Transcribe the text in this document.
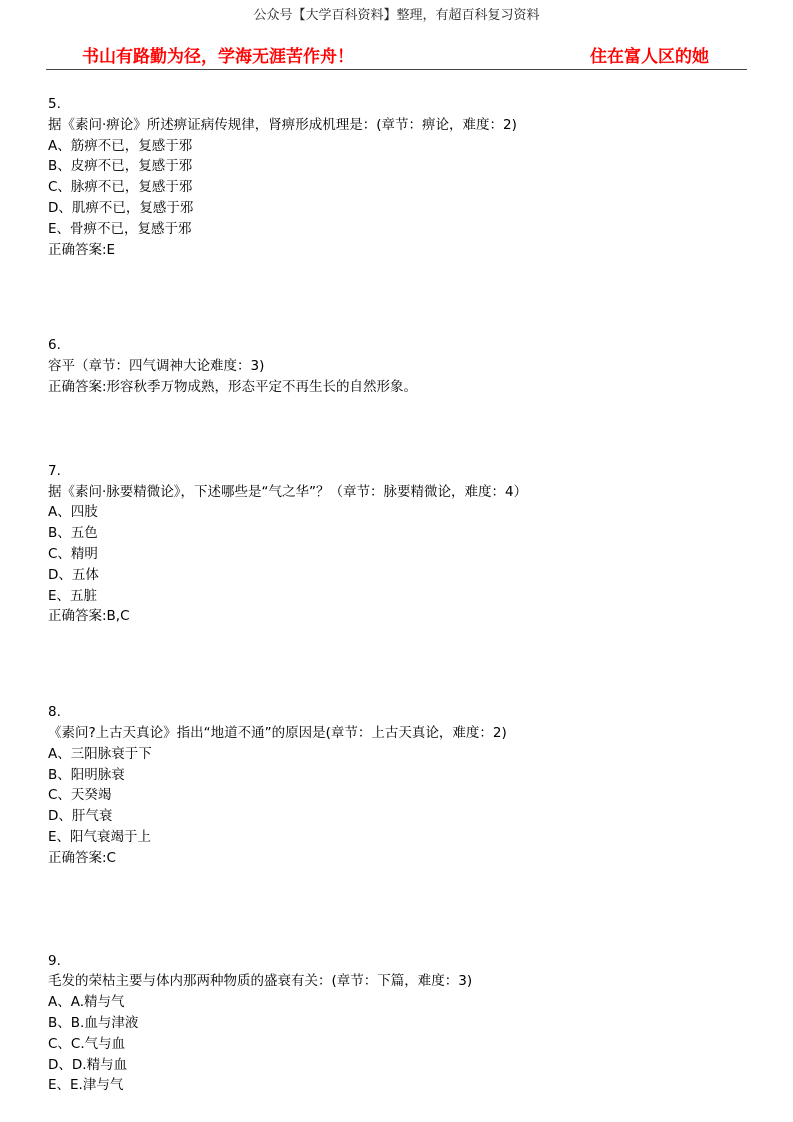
公众号【大学百科资料】整理，有超百科复习资料
书山有路勤为径，学海无涯苦作舟！	住在富人区的她
5.
据《素问·痹论》所述痹证病传规律，肾痹形成机理是：(章节：痹论，难度：2)
A、筋痹不已，复感于邪
B、皮痹不已，复感于邪
C、脉痹不已，复感于邪
D、肌痹不已，复感于邪
E、骨痹不已，复感于邪
正确答案:E
6.
容平（章节：四气调神大论难度：3)
正确答案:形容秋季万物成熟，形态平定不再生长的自然形象。
7.
据《素问·脉要精微论》，下述哪些是“气之华”？（章节：脉要精微论，难度：4）
A、四肢
B、五色
C、精明
D、五体
E、五脏
正确答案:B,C
8.
《素问?上古天真论》指出“地道不通”的原因是(章节：上古天真论，难度：2)
A、三阳脉衰于下
B、阳明脉衰
C、天癸竭
D、肝气衰
E、阳气衰竭于上
正确答案:C
9.
毛发的荣枯主要与体内那两种物质的盛衰有关：(章节：下篇，难度：3)
A、A.精与气
B、B.血与津液
C、C.气与血
D、D.精与血
E、E.津与气
